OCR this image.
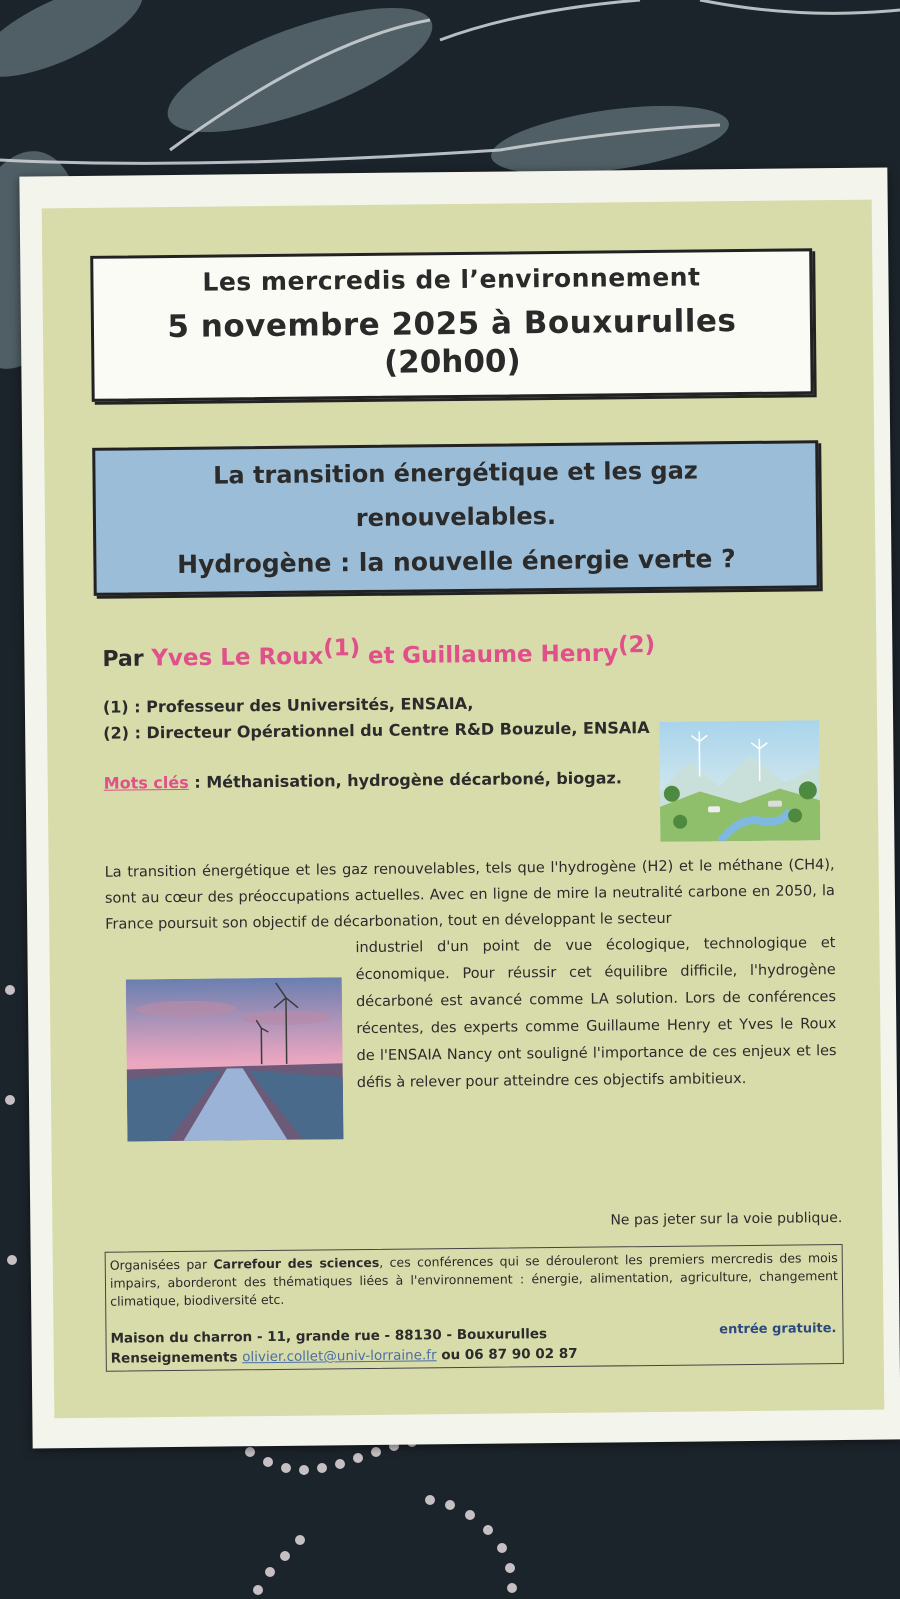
Les mercredis de l’environnement
5 novembre 2025 à Bouxurulles
(20h00)
La transition énergétique et les gaz
renouvelables.
Hydrogène : la nouvelle énergie verte ?
Par Yves Le Roux$^{(1)}$ et Guillaume Henry$^{(2)}$
(1) : Professeur des Universités, ENSAIA,
(2) : Directeur Opérationnel du Centre R&D Bouzule, ENSAIA
Mots clés : Méthanisation, hydrogène décarboné, biogaz.
La transition énergétique et les gaz renouvelables, tels que l'hydrogène (H2) et le méthane (CH4), sont au cœur des préoccupations actuelles. Avec en ligne de mire la neutralité carbone en 2050, la France poursuit son objectif de décarbonation, tout en développant le secteur
industriel d'un point de vue écologique, technologique et économique. Pour réussir cet équilibre difficile, l'hydrogène décarboné est avancé comme LA solution. Lors de conférences récentes, des experts comme Guillaume Henry et Yves le Roux de l'ENSAIA Nancy ont souligné l'importance de ces enjeux et les défis à relever pour atteindre ces objectifs ambitieux.
Ne pas jeter sur la voie publique.
Organisées par Carrefour des sciences, ces conférences qui se dérouleront les premiers mercredis des mois impairs, aborderont des thématiques liées à l'environnement : énergie, alimentation, agriculture, changement climatique, biodiversité etc.
entrée gratuite.
Maison du charron - 11, grande rue - 88130 - Bouxurulles
Renseignements olivier.collet@univ-lorraine.fr ou 06 87 90 02 87
